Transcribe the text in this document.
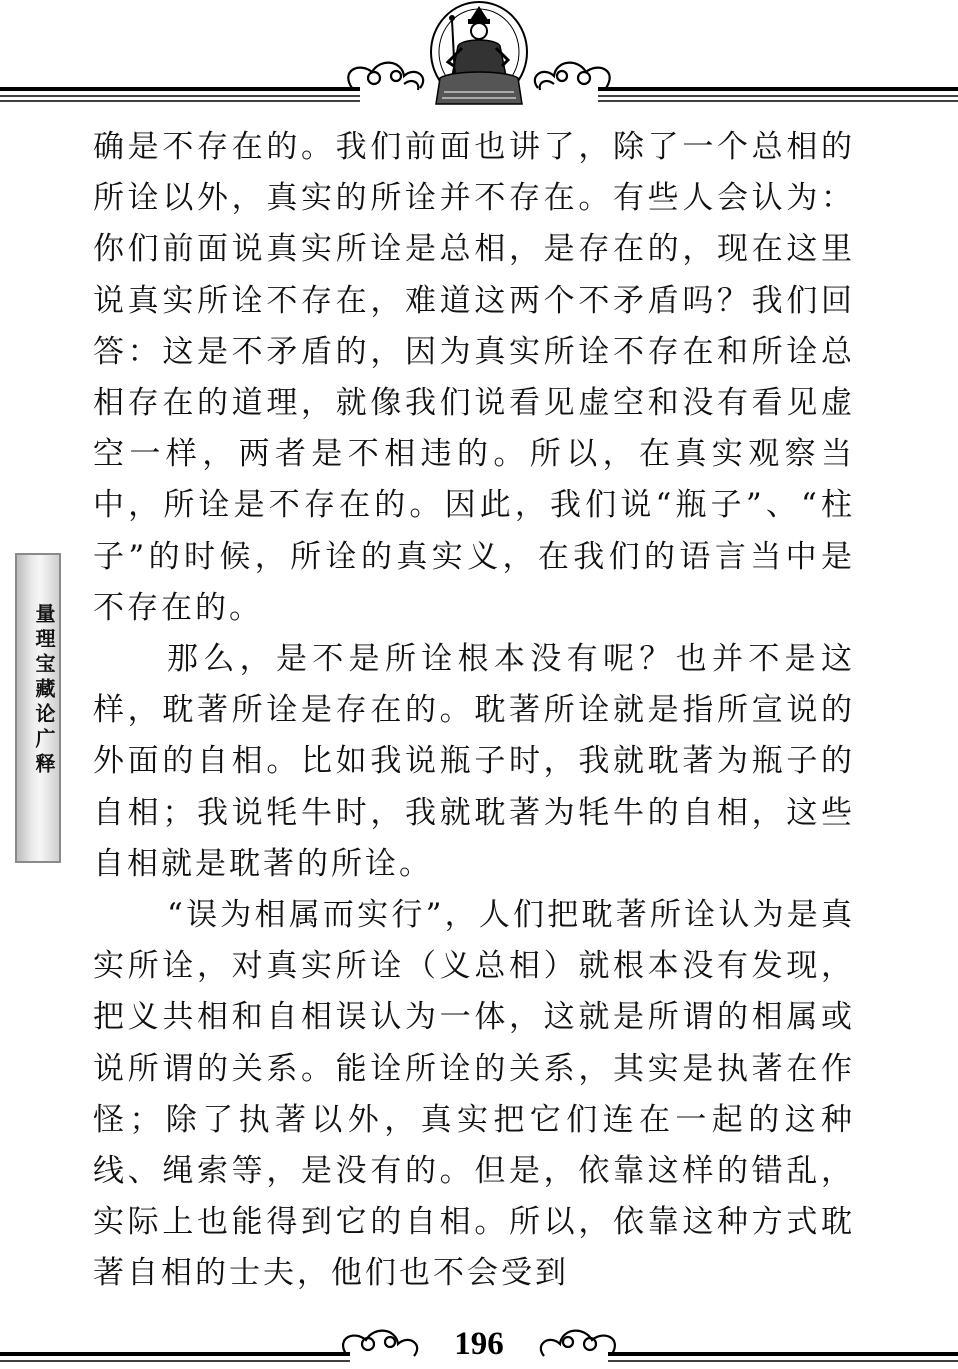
确是不存在的。我们前面也讲了，除了一个总相的所诠以外，真实的所诠并不存在。有些人会认为：你们前面说真实所诠是总相，是存在的，现在这里说真实所诠不存在，难道这两个不矛盾吗？我们回答：这是不矛盾的，因为真实所诠不存在和所诠总相存在的道理，就像我们说看见虚空和没有看见虚空一样，两者是不相违的。所以，在真实观察当中，所诠是不存在的。因此，我们说“瓶子”、“柱子”的时候，所诠的真实义，在我们的语言当中是不存在的。

那么，是不是所诠根本没有呢？也并不是这样，耽著所诠是存在的。耽著所诠就是指所宣说的外面的自相。比如我说瓶子时，我就耽著为瓶子的自相；我说牦牛时，我就耽著为牦牛的自相，这些自相就是耽著的所诠。

“误为相属而实行”，人们把耽著所诠认为是真实所诠，对真实所诠（义总相）就根本没有发现，把义共相和自相误认为一体，这就是所谓的相属或说所谓的关系。能诠所诠的关系，其实是执著在作怪；除了执著以外，真实把它们连在一起的这种线、绳索等，是没有的。但是，依靠这样的错乱，实际上也能得到它的自相。所以，依靠这种方式耽著自相的士夫，他们也不会受到

量理宝藏论广释
196
